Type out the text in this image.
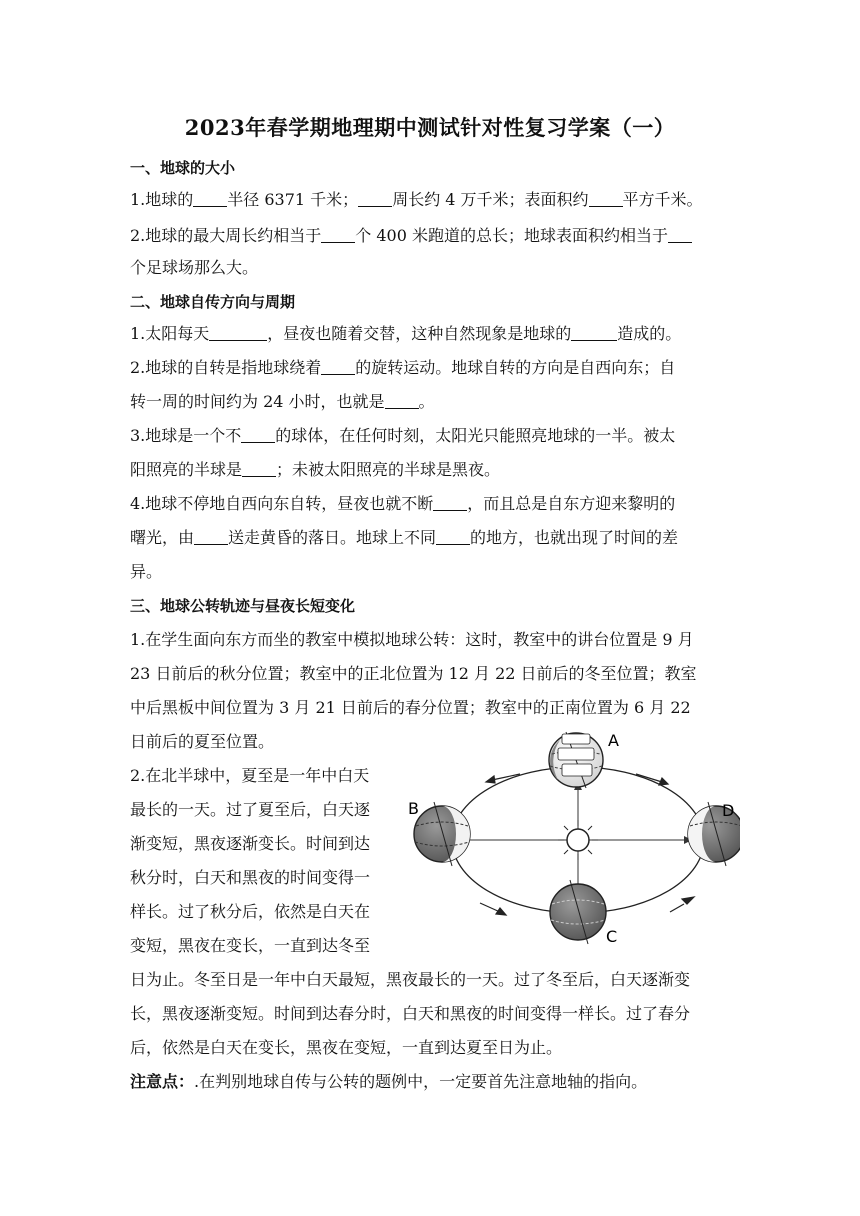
2023年春学期地理期中测试针对性复习学案（一）
一、地球的大小
1.地球的 半径 6371 千米； 周长约 4 万千米；表面积约 平方千米。
2.地球的最大周长约相当于 个 400 米跑道的总长；地球表面积约相当于
个足球场那么大。
二、地球自传方向与周期
1.太阳每天	，昼夜也随着交替，这种自然现象是地球的	造成的。
2.地球的自转是指地球绕着 的旋转运动。地球自转的方向是自西向东；自
转一周的时间约为 24 小时，也就是 。
3.地球是一个不 的球体，在任何时刻，太阳光只能照亮地球的一半。被太
阳照亮的半球是 ；未被太阳照亮的半球是黑夜。
4.地球不停地自西向东自转，昼夜也就不断 ，而且总是自东方迎来黎明的
曙光，由 送走黄昏的落日。地球上不同 的地方，也就出现了时间的差
异。
三、地球公转轨迹与昼夜长短变化
1.在学生面向东方而坐的教室中模拟地球公转：这时，教室中的讲台位置是 9 月
23 日前后的秋分位置；教室中的正北位置为 12 月 22 日前后的冬至位置；教室
中后黑板中间位置为 3 月 21 日前后的春分位置；教室中的正南位置为 6 月 22
日前后的夏至位置。
2.在北半球中，夏至是一年中白天
最长的一天。过了夏至后，白天逐
渐变短，黑夜逐渐变长。时间到达
秋分时，白天和黑夜的时间变得一
样长。过了秋分后，依然是白天在
变短，黑夜在变长，一直到达冬至
日为止。冬至日是一年中白天最短，黑夜最长的一天。过了冬至后，白天逐渐变
长，黑夜逐渐变短。时间到达春分时，白天和黑夜的时间变得一样长。过了春分
后，依然是白天在变长，黑夜在变短，一直到达夏至日为止。
注意点：.在判别地球自传与公转的题例中，一定要首先注意地轴的指向。
A
B
C
D
